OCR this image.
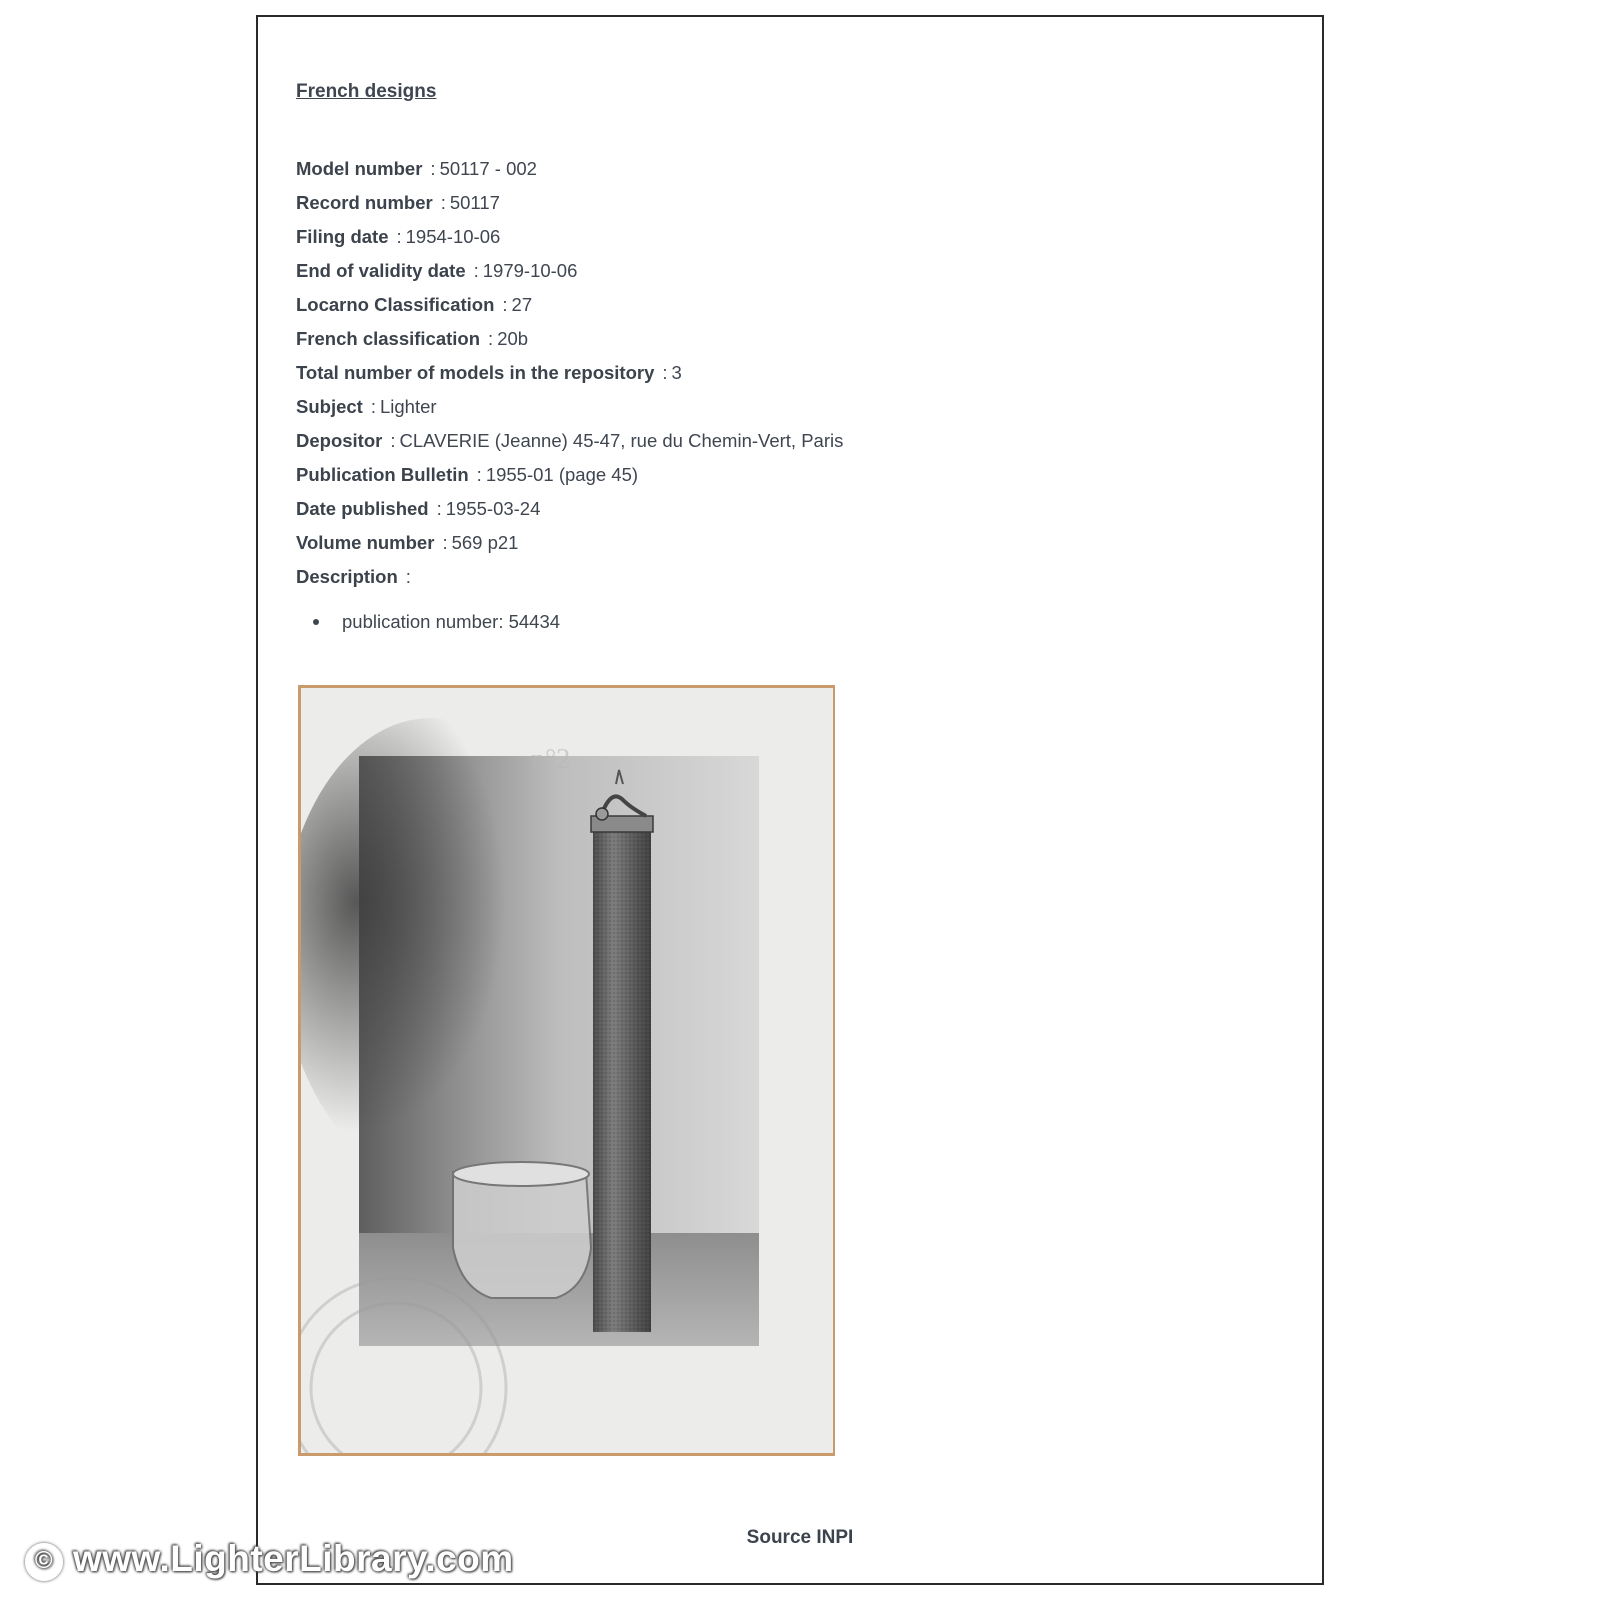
French designs
Model number : 50117 - 002
Record number : 50117
Filing date : 1954-10-06
End of validity date : 1979-10-06
Locarno Classification : 27
French classification : 20b
Total number of models in the repository : 3
Subject : Lighter
Depositor : CLAVERIE (Jeanne) 45-47, rue du Chemin-Vert, Paris
Publication Bulletin : 1955-01 (page 45)
Date published : 1955-03-24
Volume number : 569 p21
Description :
publication number: 54434
n°2
Source INPI
© www.LighterLibrary.com
